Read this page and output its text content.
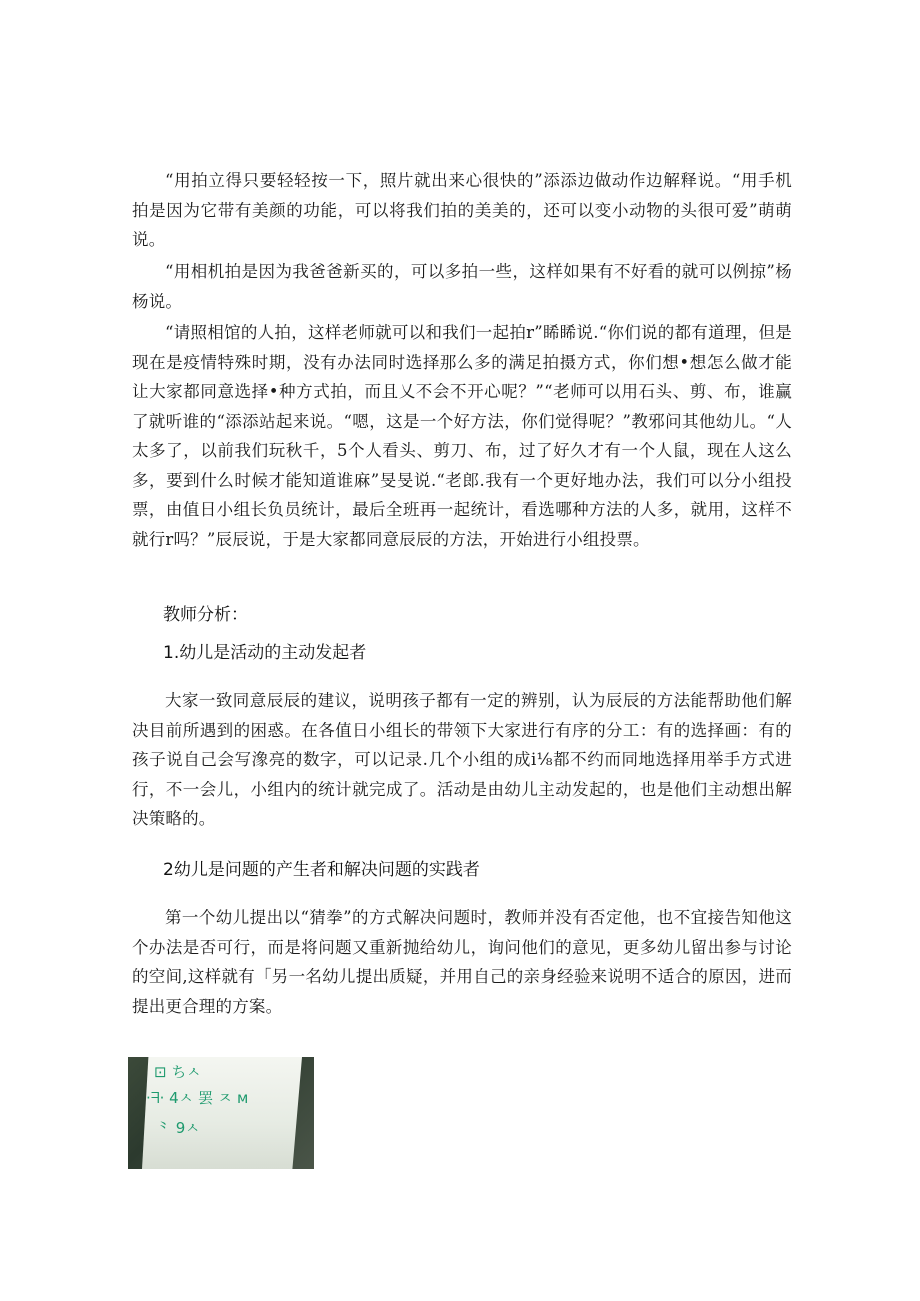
“用拍立得只要轻轻按一下，照片就出来心很快的”添添边做动作边解释说。“用手机拍是因为它带有美颜的功能，可以将我们拍的美美的，还可以变小动物的头很可爱”萌萌说。

“用相机拍是因为我爸爸新买的，可以多拍一些，这样如果有不好看的就可以例掠”杨杨说。

“请照相馆的人拍，这样老师就可以和我们一起拍r”睎睎说.“你们说的都有道理，但是现在是疫情特殊时期，没有办法同时选择那么多的满足拍摄方式，你们想•想怎么做才能让大家都同意选择•种方式拍，而且乂不会不开心呢？”“老师可以用石头、剪、布，谁赢了就听谁的“添添站起来说。“嗯，这是一个好方法，你们觉得呢？”教邪问其他幼儿。“人太多了，以前我们玩秋千，5个人看头、剪刀、布，过了好久才有一个人鼠，现在人这么多，要到什么时候才能知道谁麻”旻旻说.“老郎.我有一个更好地办法，我们可以分小组投票，由值日小组长负员统计，最后全班再一起统计，看选哪种方法的人多，就用，这样不就行r吗？”辰辰说，于是大家都同意辰辰的方法，开始进行小组投票。

教师分析：
1.幼儿是活动的主动发起者

大家一致同意辰辰的建议，说明孩子都有一定的辨别，认为辰辰的方法能帮助他们解决目前所遇到的困惑。在各值日小组长的带领下大家进行有序的分工：有的选择画：有的孩子说自己会写潒亮的数字，可以记录.几个小组的成i⅛都不约而同地选择用举手方式进行，不一会儿，小组内的统计就完成了。活动是由幼儿主动发起的，也是他们主动想出解决策略的。

2幼儿是问题的产生者和解决问题的实践者

第一个幼儿提出以“猜拳”的方式解决问题时，教师并没有否定他，也不宜接告知他这个办法是否可行，而是将问题又重新抛给幼儿，询问他们的意见，更多幼儿留出参与讨论的空间,这样就有「另一名幼儿提出质疑，并用自己的亲身经验来说明不适合的原因，进而提出更合理的方案。

⊡ ちㅅ
·ᖷ· 4ㅅ 罢 ㅈ ᴍ
⺀ 9ㅅ
